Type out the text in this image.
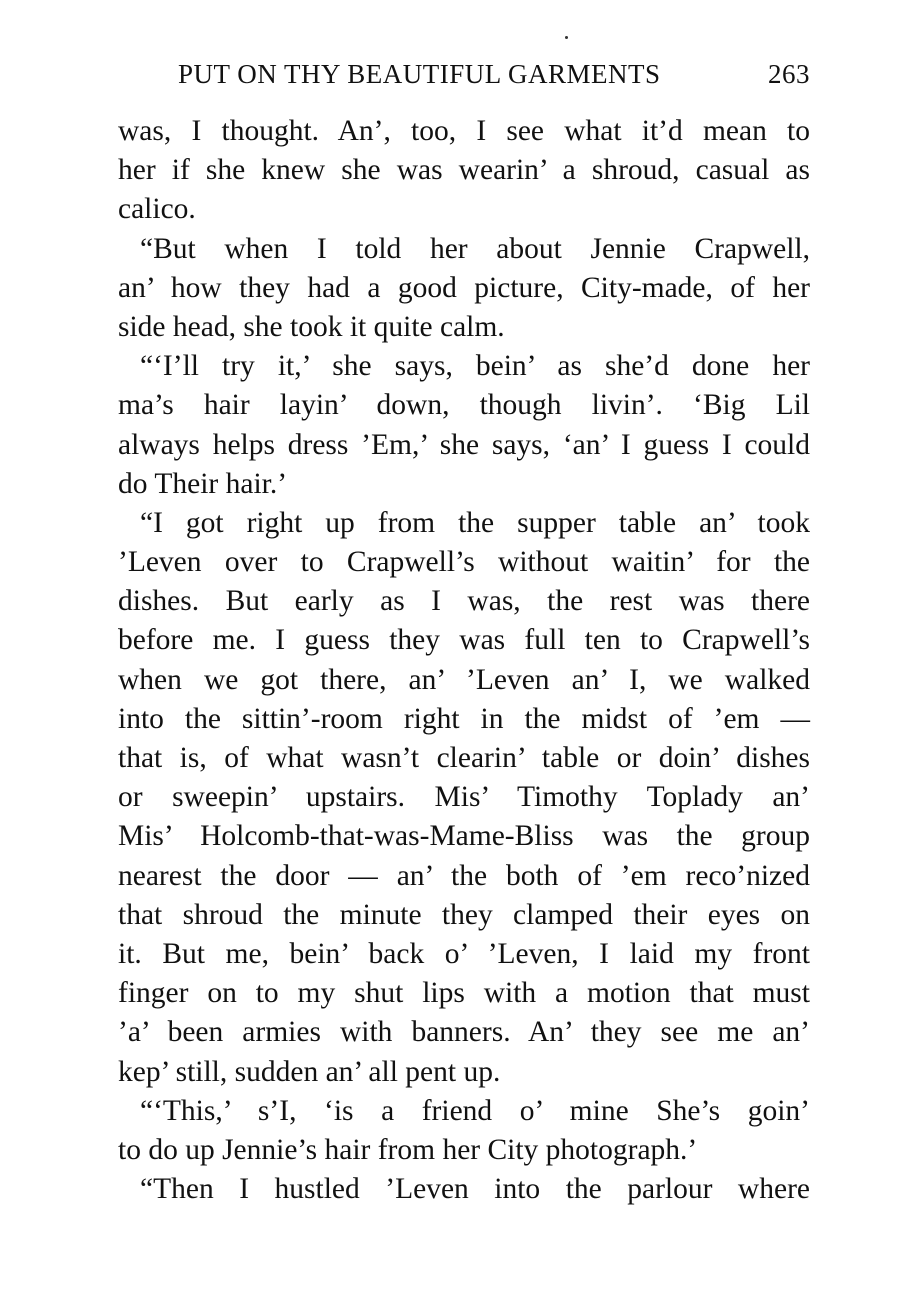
PUT ON THY BEAUTIFUL GARMENTS	263
was, I thought. An’, too, I see what it’d mean to
her if she knew she was wearin’ a shroud, casual as
calico.
“But when I told her about Jennie Crapwell,
an’ how they had a good picture, City-made, of her
side head, she took it quite calm.
“‘I’ll try it,’ she says, bein’ as she’d done her
ma’s hair layin’ down, though livin’. ‘Big Lil
always helps dress ’Em,’ she says, ‘an’ I guess I could
do Their hair.’
“I got right up from the supper table an’ took
’Leven over to Crapwell’s without waitin’ for the
dishes. But early as I was, the rest was there
before me. I guess they was full ten to Crapwell’s
when we got there, an’ ’Leven an’ I, we walked
into the sittin’-room right in the midst of ’em —
that is, of what wasn’t clearin’ table or doin’ dishes
or sweepin’ upstairs. Mis’ Timothy Toplady an’
Mis’ Holcomb-that-was-Mame-Bliss was the group
nearest the door — an’ the both of ’em reco’nized
that shroud the minute they clamped their eyes on
it. But me, bein’ back o’ ’Leven, I laid my front
finger on to my shut lips with a motion that must
’a’ been armies with banners. An’ they see me an’
kep’ still, sudden an’ all pent up.
“‘This,’ s’I, ‘is a friend o’ mine She’s goin’
to do up Jennie’s hair from her City photograph.’
“Then I hustled ’Leven into the parlour where
